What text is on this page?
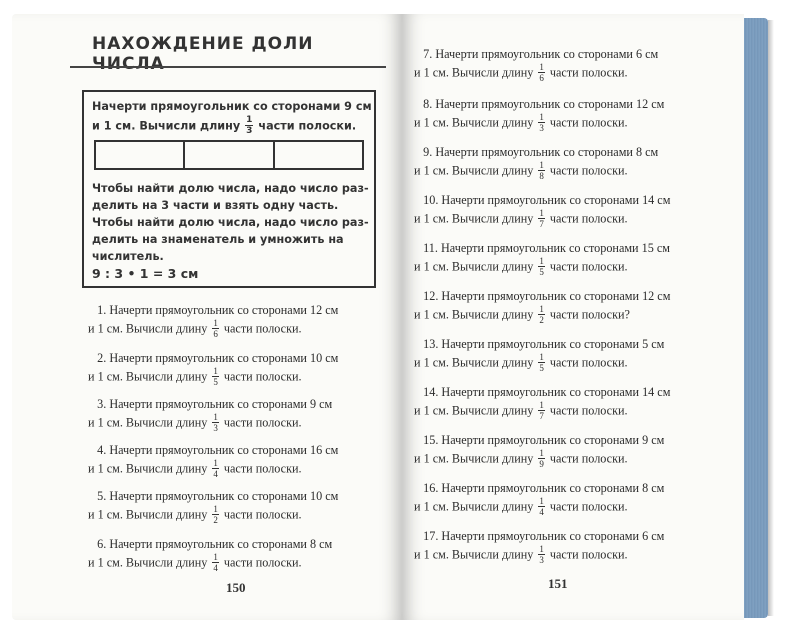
НАХОЖДЕНИЕ ДОЛИ ЧИСЛА
Начерти прямоугольник со сторонами 9 см
и 1 см. Вычисли длину $\frac{1}{3}$ части полоски.
Чтобы найти долю числа, надо число раз-
делить на 3 части и взять одну часть.
Чтобы найти долю числа, надо число раз-
делить на знаменатель и умножить на
числитель.
9 : 3 • 1 = 3 см
1. Начерти прямоугольник со сторонами 12 см
и 1 см. Вычисли длину $\frac{1}{6}$ части полоски.
2. Начерти прямоугольник со сторонами 10 см
и 1 см. Вычисли длину $\frac{1}{5}$ части полоски.
3. Начерти прямоугольник со сторонами 9 см
и 1 см. Вычисли длину $\frac{1}{3}$ части полоски.
4. Начерти прямоугольник со сторонами 16 см
и 1 см. Вычисли длину $\frac{1}{4}$ части полоски.
5. Начерти прямоугольник со сторонами 10 см
и 1 см. Вычисли длину $\frac{1}{2}$ части полоски.
6. Начерти прямоугольник со сторонами 8 см
и 1 см. Вычисли длину $\frac{1}{4}$ части полоски.
150
7. Начерти прямоугольник со сторонами 6 см
и 1 см. Вычисли длину $\frac{1}{6}$ части полоски.
8. Начерти прямоугольник со сторонами 12 см
и 1 см. Вычисли длину $\frac{1}{3}$ части полоски.
9. Начерти прямоугольник со сторонами 8 см
и 1 см. Вычисли длину $\frac{1}{8}$ части полоски.
10. Начерти прямоугольник со сторонами 14 см
и 1 см. Вычисли длину $\frac{1}{7}$ части полоски.
11. Начерти прямоугольник со сторонами 15 см
и 1 см. Вычисли длину $\frac{1}{5}$ части полоски.
12. Начерти прямоугольник со сторонами 12 см
и 1 см. Вычисли длину $\frac{1}{2}$ части полоски?
13. Начерти прямоугольник со сторонами 5 см
и 1 см. Вычисли длину $\frac{1}{5}$ части полоски.
14. Начерти прямоугольник со сторонами 14 см
и 1 см. Вычисли длину $\frac{1}{7}$ части полоски.
15. Начерти прямоугольник со сторонами 9 см
и 1 см. Вычисли длину $\frac{1}{9}$ части полоски.
16. Начерти прямоугольник со сторонами 8 см
и 1 см. Вычисли длину $\frac{1}{4}$ части полоски.
17. Начерти прямоугольник со сторонами 6 см
и 1 см. Вычисли длину $\frac{1}{3}$ части полоски.
151
